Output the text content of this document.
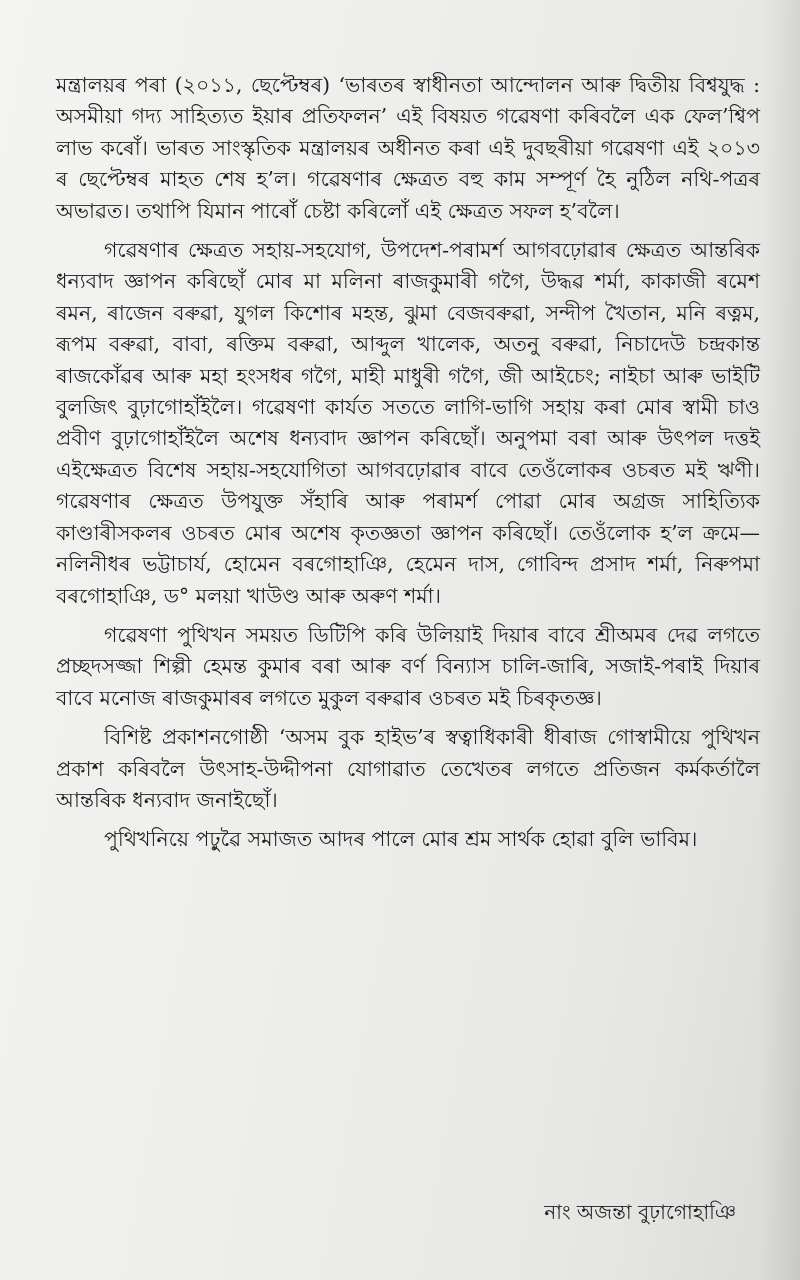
মন্ত্ৰালয়ৰ পৰা (২০১১, ছেপ্টেম্বৰ) ‘ভাৰতৰ স্বাধীনতা আন্দোলন আৰু দ্বিতীয় বিশ্বযুদ্ধ : অসমীয়া গদ্য সাহিত্যত ইয়াৰ প্ৰতিফলন’ এই বিষয়ত গৱেষণা কৰিবলৈ এক ফেল’শ্বিপ লাভ কৰোঁ। ভাৰত সাংস্কৃতিক মন্ত্ৰালয়ৰ অধীনত কৰা এই দুবছৰীয়া গৱেষণা এই ২০১৩ ৰ ছেপ্টেম্বৰ মাহত শেষ হ’ল। গৱেষণাৰ ক্ষেত্ৰত বহু কাম সম্পূৰ্ণ হৈ নুঠিল নথি-পত্ৰৰ অভাৱত। তথাপি যিমান পাৰোঁ চেষ্টা কৰিলোঁ এই ক্ষেত্ৰত সফল হ’বলৈ।

গৱেষণাৰ ক্ষেত্ৰত সহায়-সহযোগ, উপদেশ-পৰামৰ্শ আগবঢ়োৱাৰ ক্ষেত্ৰত আন্তৰিক ধন্যবাদ জ্ঞাপন কৰিছোঁ মোৰ মা মলিনা ৰাজকুমাৰী গগৈ, উদ্ধৱ শৰ্মা, কাকাজী ৰমেশ ৰমন, ৰাজেন বৰুৱা, যুগল কিশোৰ মহন্ত, ঝুমা বেজবৰুৱা, সন্দীপ খৈতান, মনি ৰত্নম, ৰূপম বৰুৱা, বাবা, ৰক্তিম বৰুৱা, আব্দুল খালেক, অতনু বৰুৱা, নিচাদেউ চন্দ্ৰকান্ত ৰাজকোঁৱৰ আৰু মহা হংসধৰ গগৈ, মাহী মাধুৰী গগৈ, জী আইচেং; নাইচা আৰু ভাইটি বুলজিৎ বুঢ়াগোহাঁইলৈ। গৱেষণা কাৰ্যত সততে লাগি-ভাগি সহায় কৰা মোৰ স্বামী চাও প্ৰবীণ বুঢ়াগোহাঁইলৈ অশেষ ধন্যবাদ জ্ঞাপন কৰিছোঁ। অনুপমা বৰা আৰু উৎপল দত্তই এইক্ষেত্ৰত বিশেষ সহায়-সহযোগিতা আগবঢ়োৱাৰ বাবে তেওঁলোকৰ ওচৰত মই ঋণী। গৱেষণাৰ ক্ষেত্ৰত উপযুক্ত সঁহাৰি আৰু পৰামৰ্শ পোৱা মোৰ অগ্ৰজ সাহিত্যিক কাণ্ডাৰীসকলৰ ওচৰত মোৰ অশেষ কৃতজ্ঞতা জ্ঞাপন কৰিছোঁ। তেওঁলোক হ’ল ক্ৰমে— নলিনীধৰ ভট্টাচাৰ্য, হোমেন বৰগোহাঞি, হেমেন দাস, গোবিন্দ প্ৰসাদ শৰ্মা, নিৰুপমা বৰগোহাঞি, ড° মলয়া খাউণ্ড আৰু অৰুণ শৰ্মা।

গৱেষণা পুথিখন সময়ত ডিটিপি কৰি উলিয়াই দিয়াৰ বাবে শ্ৰীঅমৰ দেৱ লগতে প্ৰচ্ছদসজ্জা শিল্পী হেমন্ত কুমাৰ বৰা আৰু বৰ্ণ বিন্যাস চালি-জাৰি, সজাই-পৰাই দিয়াৰ বাবে মনোজ ৰাজকুমাৰৰ লগতে মুকুল বৰুৱাৰ ওচৰত মই চিৰকৃতজ্ঞ।

বিশিষ্ট প্ৰকাশনগোষ্ঠী ‘অসম বুক হাইভ’ৰ স্বত্বাধিকাৰী ধীৰাজ গোস্বামীয়ে পুথিখন প্ৰকাশ কৰিবলৈ উৎসাহ-উদ্দীপনা যোগাৱাত তেখেতৰ লগতে প্ৰতিজন কৰ্মকৰ্তালৈ আন্তৰিক ধন্যবাদ জনাইছোঁ।

পুথিখনিয়ে পঢ়ুৱৈ সমাজত আদৰ পালে মোৰ শ্ৰম সাৰ্থক হোৱা বুলি ভাবিম।

নাং অজন্তা বুঢ়াগোহাঞি
